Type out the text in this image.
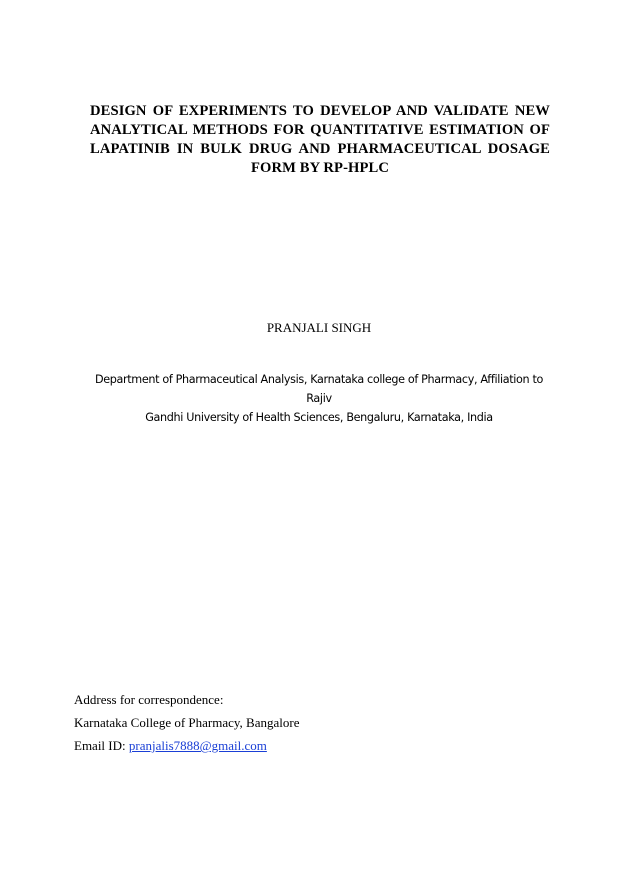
DESIGN OF EXPERIMENTS TO DEVELOP AND VALIDATE NEW
ANALYTICAL METHODS FOR QUANTITATIVE ESTIMATION OF
LAPATINIB IN BULK DRUG AND PHARMACEUTICAL DOSAGE
FORM BY RP-HPLC
PRANJALI SINGH
Department of Pharmaceutical Analysis, Karnataka college of Pharmacy, Affiliation to Rajiv
Gandhi University of Health Sciences, Bengaluru, Karnataka, India
Address for correspondence:
Karnataka College of Pharmacy, Bangalore
Email ID: pranjalis7888@gmail.com
